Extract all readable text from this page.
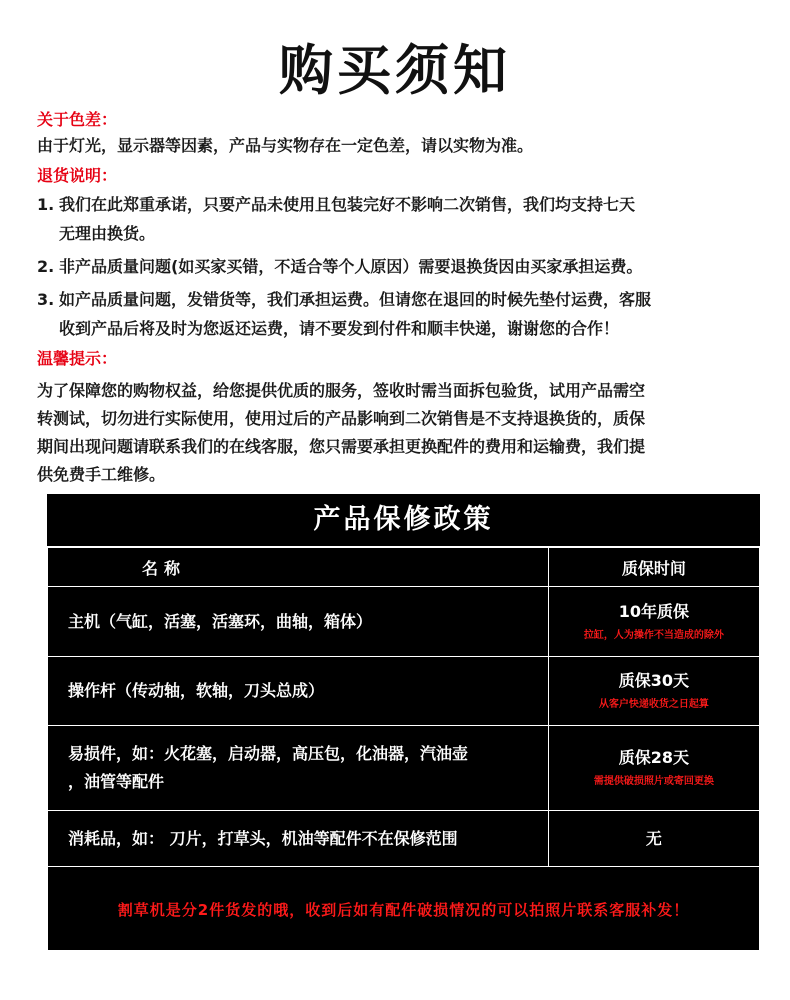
购买须知
关于色差：
由于灯光，显示器等因素，产品与实物存在一定色差，请以实物为准。
退货说明：
1. 我们在此郑重承诺，只要产品未使用且包装完好不影响二次销售，我们均支持七天
无理由换货。
2. 非产品质量问题(如买家买错，不适合等个人原因）需要退换货因由买家承担运费。
3. 如产品质量问题，发错货等，我们承担运费。但请您在退回的时候先垫付运费，客服
收到产品后将及时为您返还运费，请不要发到付件和顺丰快递，谢谢您的合作！
温馨提示：
为了保障您的购物权益，给您提供优质的服务，签收时需当面拆包验货，试用产品需空
转测试，切勿进行实际使用，使用过后的产品影响到二次销售是不支持退换货的，质保
期间出现问题请联系我们的在线客服，您只需要承担更换配件的费用和运输费，我们提
供免费手工维修。
产品保修政策
名称	质保时间
主机（气缸，活塞，活塞环，曲轴，箱体）	10年质保
拉缸，人为操作不当造成的除外

操作杆（传动轴，软轴，刀头总成）	质保30天
从客户快递收货之日起算

易损件，如：火花塞，启动器，高压包，化油器，汽油壶
，油管等配件	质保28天
需提供破损照片或寄回更换

消耗品，如： 刀片，打草头，机油等配件不在保修范围	无

割草机是分2件货发的哦，收到后如有配件破损情况的可以拍照片联系客服补发！	
